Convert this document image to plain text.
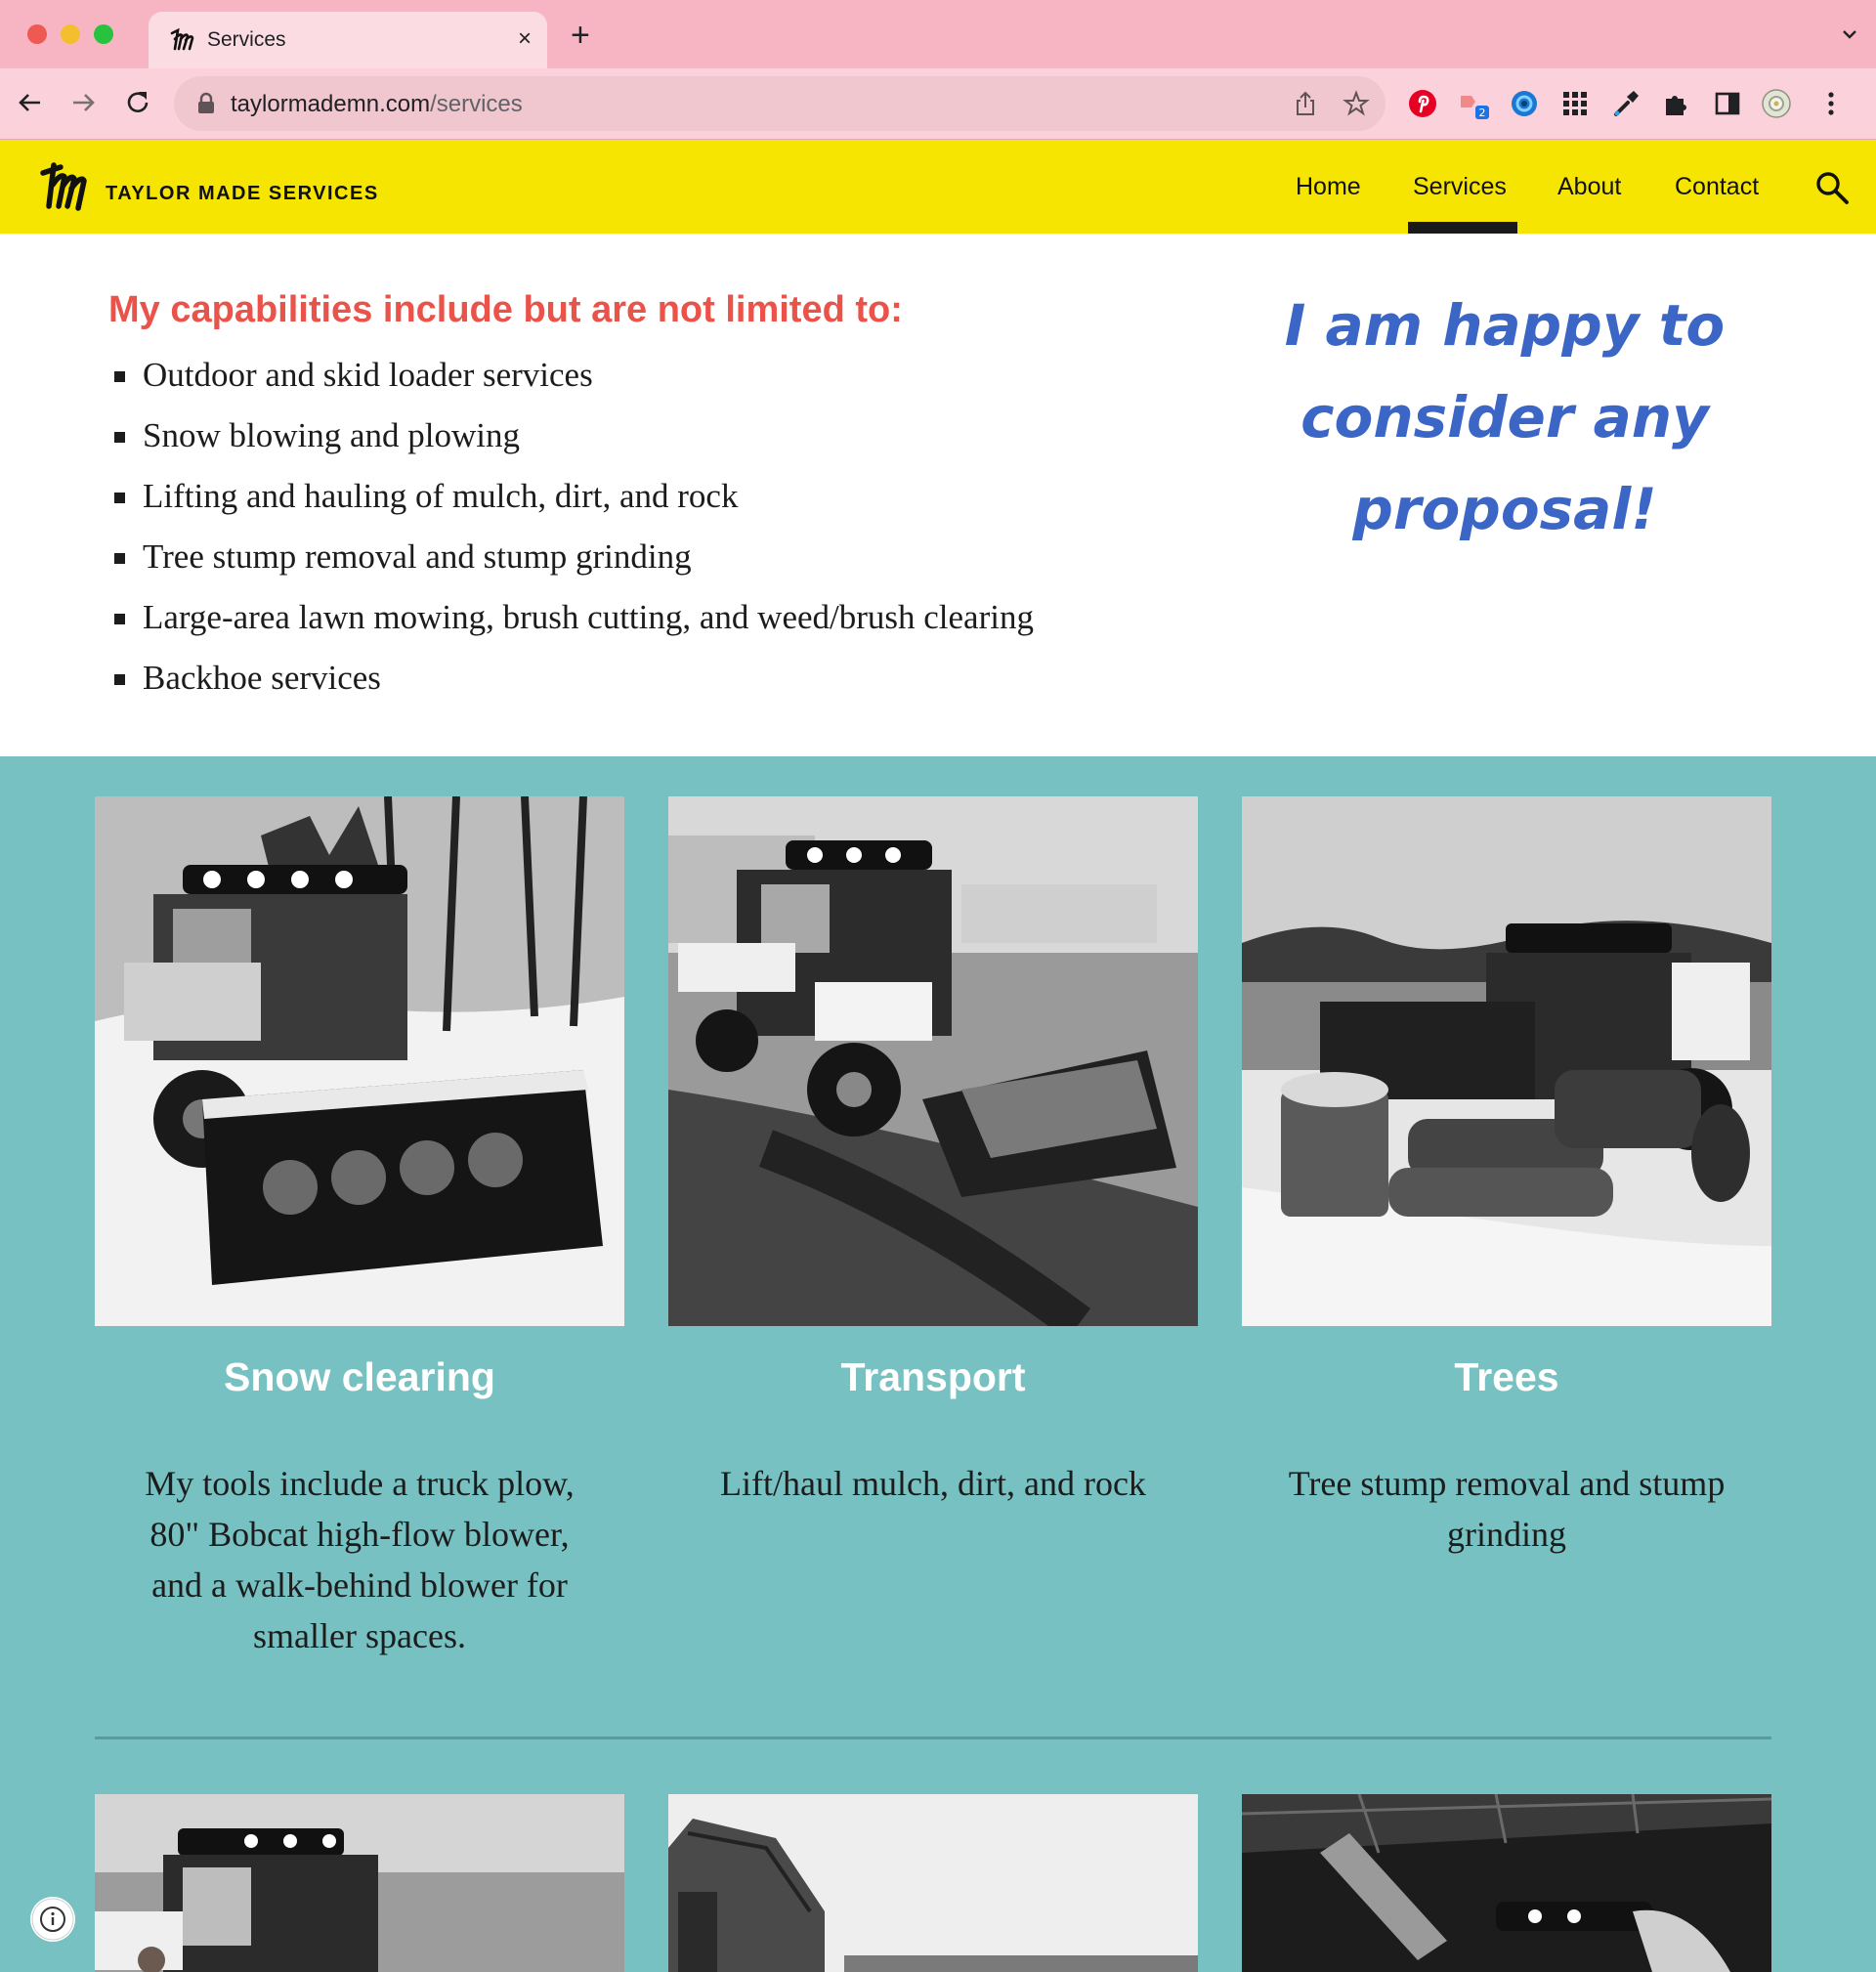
Services	× +
taylormademn.com/services	2
TAYLOR MADE SERVICES	Home Services About Contact
My capabilities include but are not limited to:
Outdoor and skid loader services
Snow blowing and plowing
Lifting and hauling of mulch, dirt, and rock
Tree stump removal and stump grinding
Large-area lawn mowing, brush cutting, and weed/brush clearing
Backhoe services
I am happy to
consider any
proposal!
Snow clearing
My tools include a truck plow,
80" Bobcat high-flow blower,
and a walk-behind blower for
smaller spaces.
Transport
Lift/haul mulch, dirt, and rock
Trees
Tree stump removal and stump
grinding
